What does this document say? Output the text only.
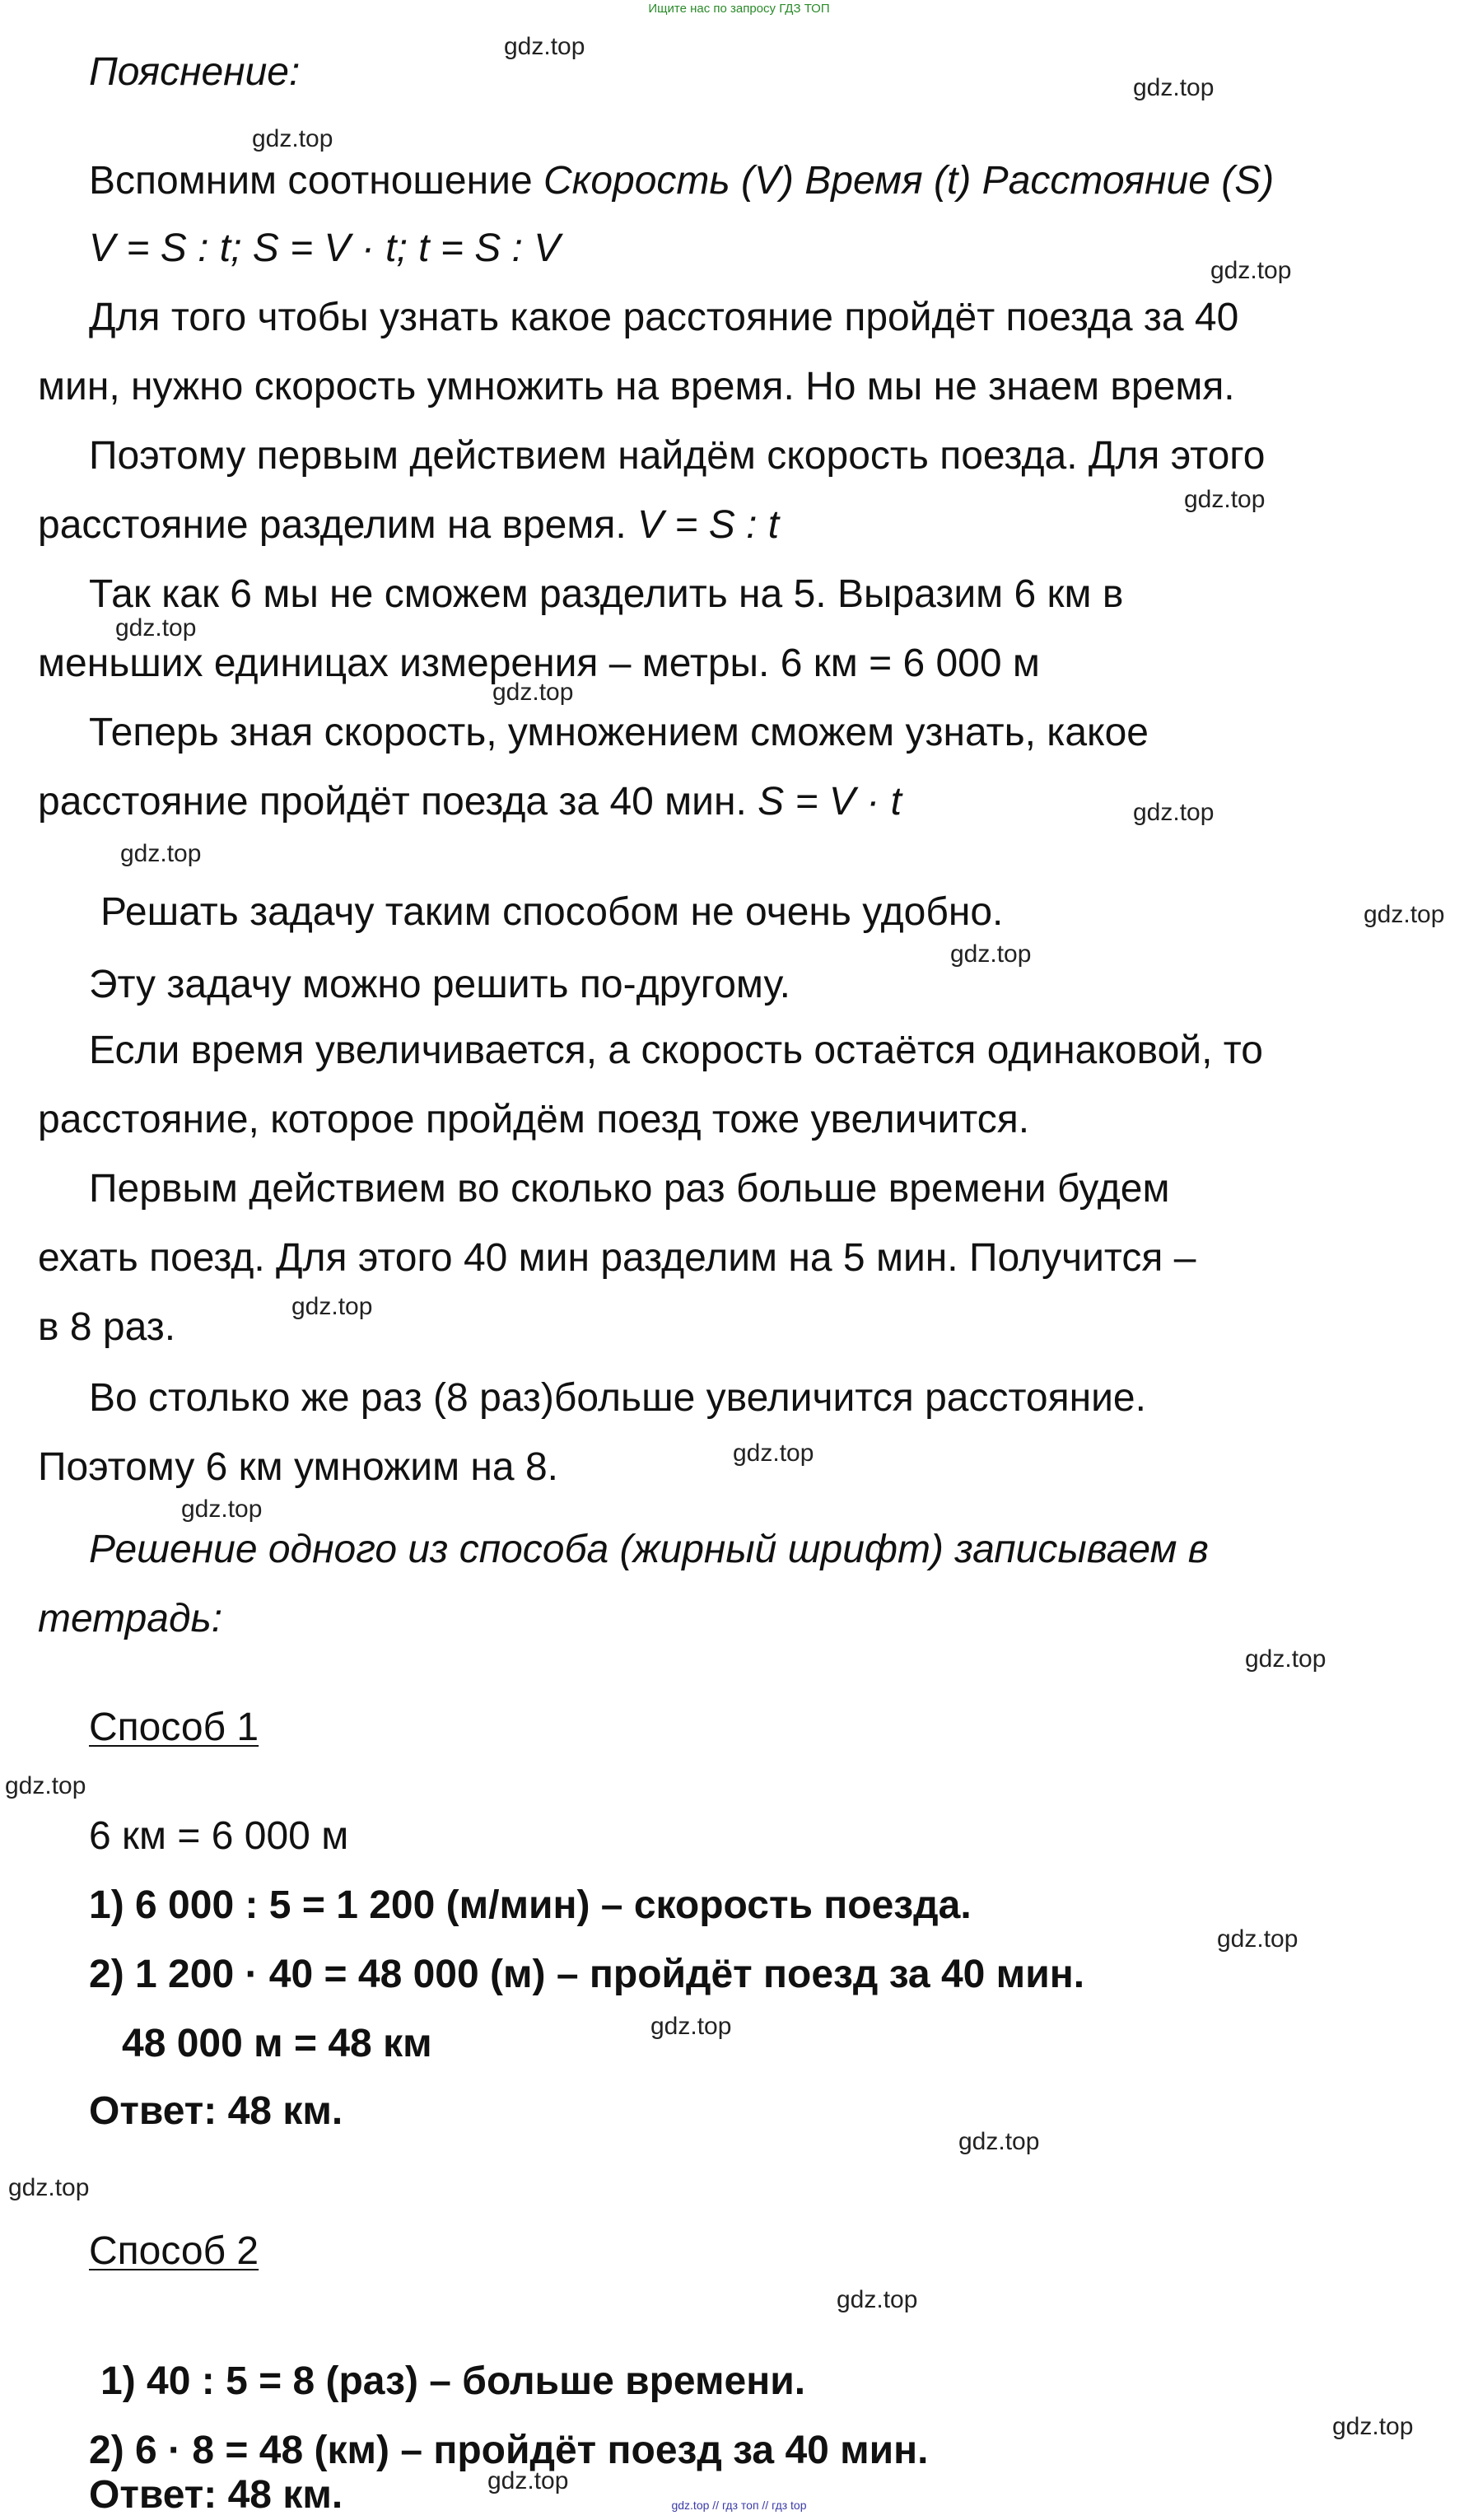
Ищите нас по запросу ГДЗ ТОП
Пояснение:
Вспомним соотношение Скорость (V) Время (t) Расстояние (S)
V = S : t; S = V · t; t = S : V
Для того чтобы узнать какое расстояние пройдёт поезда за 40
мин, нужно скорость умножить на время. Но мы не знаем время.
Поэтому первым действием найдём скорость поезда. Для этого
расстояние разделим на время. V = S : t
Так как 6 мы не сможем разделить на 5. Выразим 6 км в
меньших единицах измерения – метры. 6 км = 6 000 м
Теперь зная скорость, умножением сможем узнать, какое
расстояние пройдёт поезда за 40 мин. S = V · t
Решать задачу таким способом не очень удобно.
Эту задачу можно решить по-другому.
Если время увеличивается, а скорость остаётся одинаковой, то
расстояние, которое пройдём поезд тоже увеличится.
Первым действием во сколько раз больше времени будем
ехать поезд. Для этого 40 мин разделим на 5 мин. Получится –
в 8 раз.
Во столько же раз (8 раз)больше увеличится расстояние.
Поэтому 6 км умножим на 8.
Решение одного из способа (жирный шрифт) записываем в
тетрадь:
Способ 1
6 км = 6 000 м
1) 6 000 : 5 = 1 200 (м/мин) – скорость поезда.
2) 1 200 · 40 = 48 000 (м) – пройдёт поезд за 40 мин.
48 000 м = 48 км
Ответ: 48 км.
Способ 2
1) 40 : 5 = 8 (раз) – больше времени.
2) 6 · 8 = 48 (км) – пройдёт поезд за 40 мин.
Ответ: 48 км.
gdz.top
gdz.top
gdz.top
gdz.top
gdz.top
gdz.top
gdz.top
gdz.top
gdz.top
gdz.top
gdz.top
gdz.top
gdz.top
gdz.top
gdz.top
gdz.top
gdz.top
gdz.top
gdz.top
gdz.top
gdz.top
gdz.top
gdz.top
gdz.top // гдз топ // гдз top
